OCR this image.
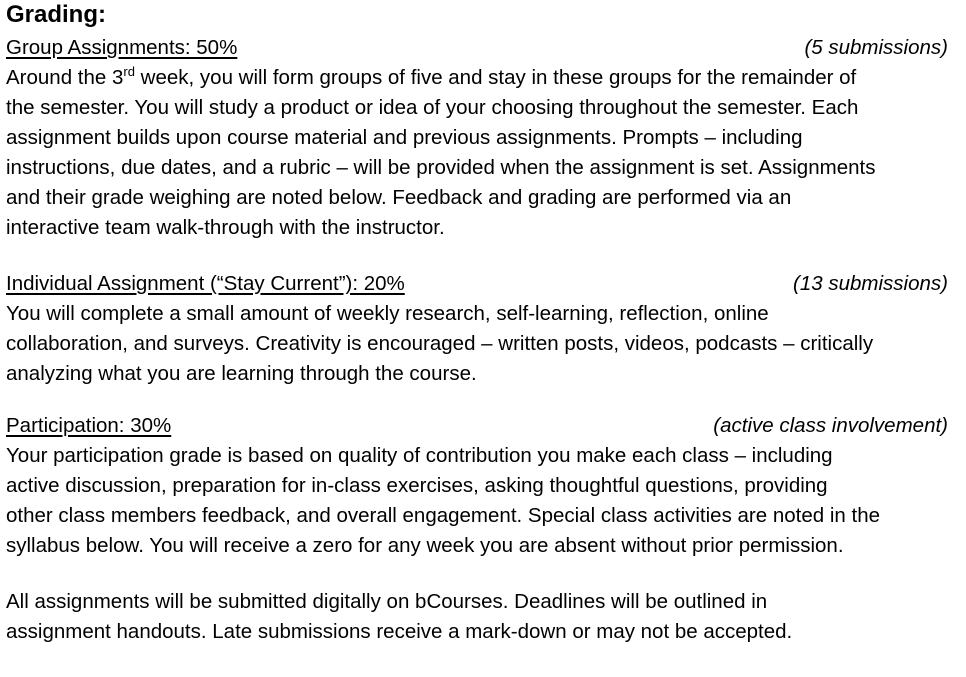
Grading:
Group Assignments: 50%	(5 submissions)

Around the 3rd week, you will form groups of five and stay in these groups for the remainder of
the semester. You will study a product or idea of your choosing throughout the semester. Each
assignment builds upon course material and previous assignments. Prompts – including
instructions, due dates, and a rubric – will be provided when the assignment is set. Assignments
and their grade weighing are noted below. Feedback and grading are performed via an
interactive team walk-through with the instructor.

Individual Assignment (“Stay Current”): 20%	(13 submissions)

You will complete a small amount of weekly research, self-learning, reflection, online
collaboration, and surveys. Creativity is encouraged – written posts, videos, podcasts – critically
analyzing what you are learning through the course.

Participation: 30%	(active class involvement)

Your participation grade is based on quality of contribution you make each class – including
active discussion, preparation for in-class exercises, asking thoughtful questions, providing
other class members feedback, and overall engagement. Special class activities are noted in the
syllabus below. You will receive a zero for any week you are absent without prior permission.

All assignments will be submitted digitally on bCourses. Deadlines will be outlined in
assignment handouts. Late submissions receive a mark-down or may not be accepted.
